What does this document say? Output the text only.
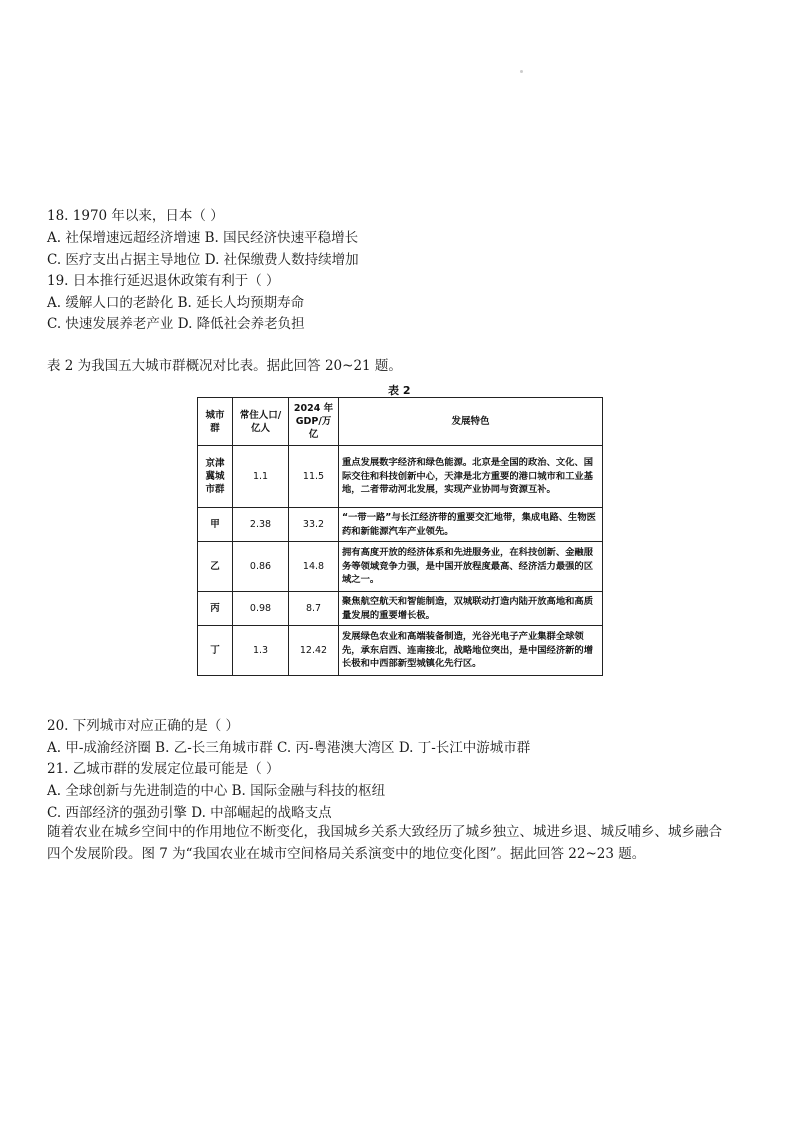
18. 1970 年以来，日本（ ）
A. 社保增速远超经济增速 B. 国民经济快速平稳增长
C. 医疗支出占据主导地位 D. 社保缴费人数持续增加
19. 日本推行延迟退休政策有利于（ ）
A. 缓解人口的老龄化 B. 延长人均预期寿命
C. 快速发展养老产业 D. 降低社会养老负担
表 2 为我国五大城市群概况对比表。据此回答 20~21 题。
表 2
城市群	常住人口/亿人	2024 年 GDP/万亿	发展特色
京津冀城市群	1.1	11.5	重点发展数字经济和绿色能源。北京是全国的政治、文化、国际交往和科技创新中心，天津是北方重要的港口城市和工业基地，二者带动河北发展，实现产业协同与资源互补。
甲	2.38	33.2	“一带一路”与长江经济带的重要交汇地带，集成电路、生物医药和新能源汽车产业领先。
乙	0.86	14.8	拥有高度开放的经济体系和先进服务业，在科技创新、金融服务等领域竞争力强，是中国开放程度最高、经济活力最强的区域之一。
丙	0.98	8.7	聚焦航空航天和智能制造，双城联动打造内陆开放高地和高质量发展的重要增长极。
丁	1.3	12.42	发展绿色农业和高端装备制造，光谷光电子产业集群全球领先，承东启西、连南接北，战略地位突出，是中国经济新的增长极和中西部新型城镇化先行区。
20. 下列城市对应正确的是（ ）
A. 甲-成渝经济圈 B. 乙-长三角城市群 C. 丙-粤港澳大湾区 D. 丁-长江中游城市群
21. 乙城市群的发展定位最可能是（ ）
A. 全球创新与先进制造的中心 B. 国际金融与科技的枢纽
C. 西部经济的强劲引擎 D. 中部崛起的战略支点
随着农业在城乡空间中的作用地位不断变化，我国城乡关系大致经历了城乡独立、城进乡退、城反哺乡、城乡融合
四个发展阶段。图 7 为“我国农业在城市空间格局关系演变中的地位变化图”。据此回答 22~23 题。
